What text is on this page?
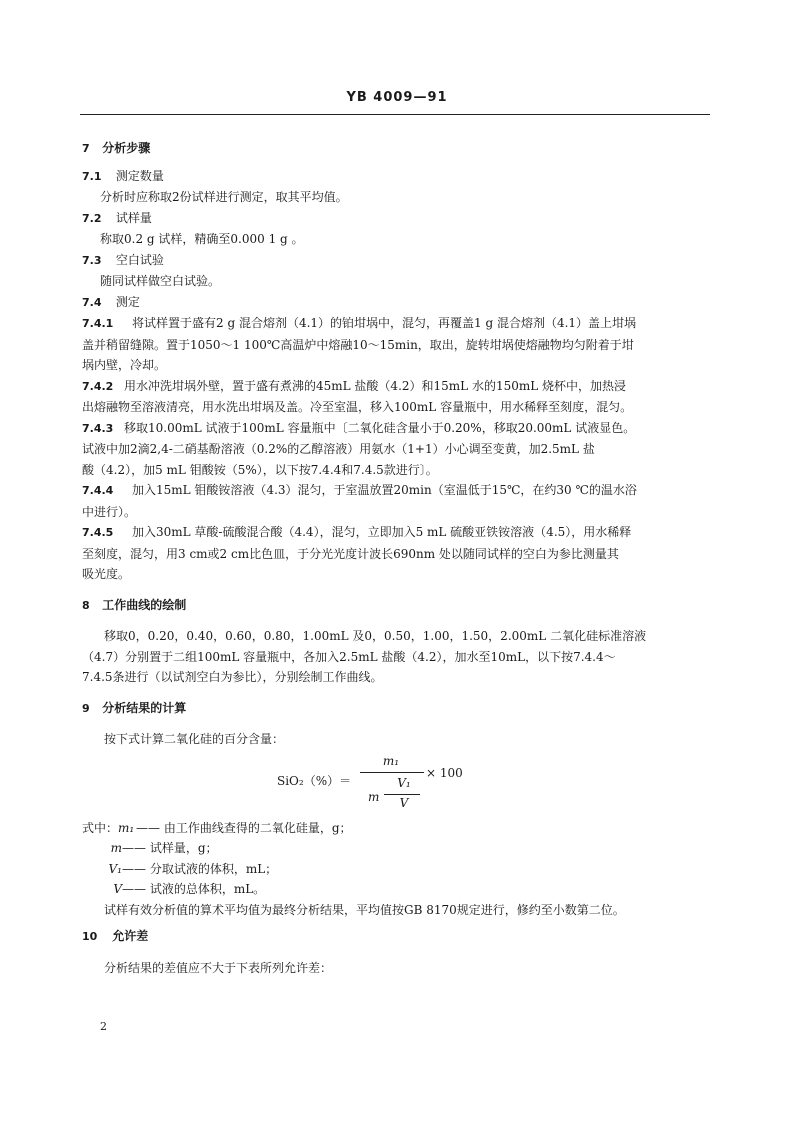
YB 4009—91
7 分析步骤
7.1 测定数量
分析时应称取2份试样进行测定，取其平均值。
7.2 试样量
称取0.2 g 试样，精确至0.000 1 g 。
7.3 空白试验
随同试样做空白试验。
7.4 测定
7.4.1 将试样置于盛有2 g 混合熔剂（4.1）的铂坩埚中，混匀，再覆盖1 g 混合熔剂（4.1）盖上坩埚
盖并稍留缝隙。置于1050～1 100℃高温炉中熔融10～15min，取出，旋转坩埚使熔融物均匀附着于坩
埚内壁，冷却。
7.4.2 用水冲洗坩埚外壁，置于盛有煮沸的45mL 盐酸（4.2）和15mL 水的150mL 烧杯中，加热浸
出熔融物至溶液清亮，用水洗出坩埚及盖。冷至室温，移入100mL 容量瓶中，用水稀释至刻度，混匀。
7.4.3 移取10.00mL 试液于100mL 容量瓶中〔二氧化硅含量小于0.20%，移取20.00mL 试液显色。
试液中加2滴2,4-二硝基酚溶液（0.2%的乙醇溶液）用氨水（1+1）小心调至变黄，加2.5mL 盐
酸（4.2），加5 mL 钼酸铵（5%），以下按7.4.4和7.4.5款进行〕。
7.4.4 加入15mL 钼酸铵溶液（4.3）混匀，于室温放置20min（室温低于15℃，在约30 ℃的温水浴
中进行）。
7.4.5 加入30mL 草酸-硫酸混合酸（4.4），混匀，立即加入5 mL 硫酸亚铁铵溶液（4.5），用水稀释
至刻度，混匀，用3 cm或2 cm比色皿，于分光光度计波长690nm 处以随同试样的空白为参比测量其
吸光度。
8 工作曲线的绘制
移取0，0.20，0.40，0.60，0.80，1.00mL 及0，0.50，1.00，1.50，2.00mL 二氧化硅标准溶液
（4.7）分别置于二组100mL 容量瓶中，各加入2.5mL 盐酸（4.2），加水至10mL，以下按7.4.4～
7.4.5条进行（以试剂空白为参比），分别绘制工作曲线。
9 分析结果的计算
按下式计算二氧化硅的百分含量：
SiO₂（%）＝
m₁
× 100
m
V₁
V
式中：m₁ —— 由工作曲线查得的二氧化硅量，g；
m—— 试样量，g；
V₁—— 分取试液的体积，mL；
V—— 试液的总体积，mL。
试样有效分析值的算术平均值为最终分析结果，平均值按GB 8170规定进行，修约至小数第二位。
10 允许差
分析结果的差值应不大于下表所列允许差：
2
